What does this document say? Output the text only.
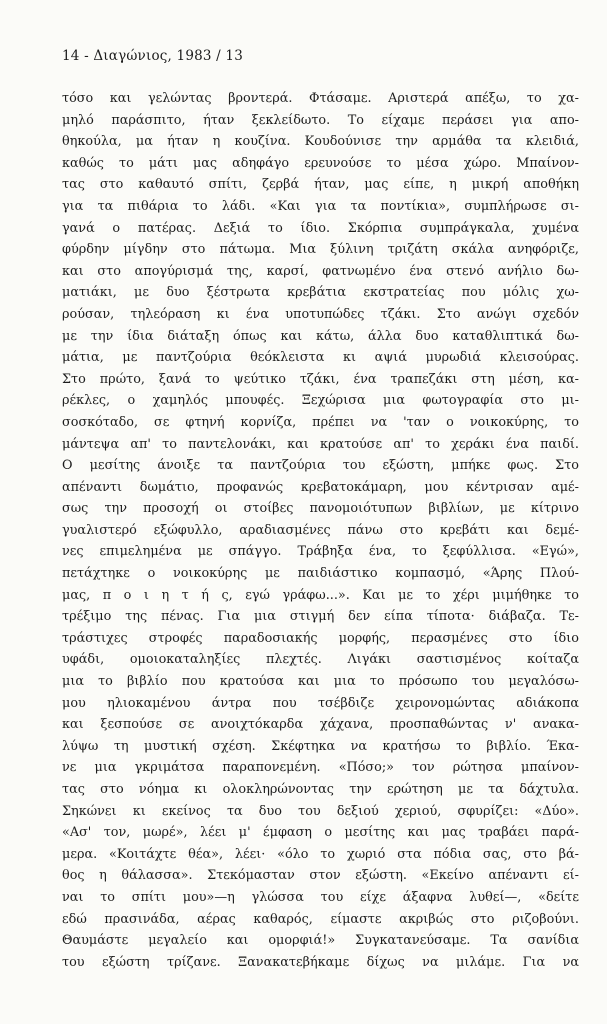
14 - Διαγώνιος, 1983 / 13
τόσο και γελώντας βροντερά. Φτάσαμε. Αριστερά απέξω, το χα-
μηλό παράσπιτο, ήταν ξεκλείδωτο. Το είχαμε περάσει για απο-
θηκούλα, μα ήταν η κουζίνα. Κουδούνισε την αρμάθα τα κλειδιά,
καθώς το μάτι μας αδηφάγο ερευνούσε το μέσα χώρο. Μπαίνον-
τας στο καθαυτό σπίτι, ζερβά ήταν, μας είπε, η μικρή αποθήκη
για τα πιθάρια το λάδι. «Και για τα ποντίκια», συμπλήρωσε σι-
γανά ο πατέρας. Δεξιά το ίδιο. Σκόρπια συμπράγκαλα, χυμένα
φύρδην μίγδην στο πάτωμα. Μια ξύλινη τριζάτη σκάλα ανηφόριζε,
και στο απογύρισμά της, καρσί, φατνωμένο ένα στενό ανήλιο δω-
ματιάκι, με δυο ξέστρωτα κρεβάτια εκστρατείας που μόλις χω-
ρούσαν, τηλεόραση κι ένα υποτυπώδες τζάκι. Στο ανώγι σχεδόν
με την ίδια διάταξη όπως και κάτω, άλλα δυο καταθλιπτικά δω-
μάτια, με παντζούρια θεόκλειστα κι αψιά μυρωδιά κλεισούρας.
Στο πρώτο, ξανά το ψεύτικο τζάκι, ένα τραπεζάκι στη μέση, κα-
ρέκλες, ο χαμηλός μπουφές. Ξεχώρισα μια φωτογραφία στο μι-
σοσκόταδο, σε φτηνή κορνίζα, πρέπει να 'ταν ο νοικοκύρης, το
μάντεψα απ' το παντελονάκι, και κρατούσε απ' το χεράκι ένα παιδί.
Ο μεσίτης άνοιξε τα παντζούρια του εξώστη, μπήκε φως. Στο
απέναντι δωμάτιο, προφανώς κρεβατοκάμαρη, μου κέντρισαν αμέ-
σως την προσοχή οι στοίβες πανομοιότυπων βιβλίων, με κίτρινο
γυαλιστερό εξώφυλλο, αραδιασμένες πάνω στο κρεβάτι και δεμέ-
νες επιμελημένα με σπάγγο. Τράβηξα ένα, το ξεφύλλισα. «Εγώ»,
πετάχτηκε ο νοικοκύρης με παιδιάστικο κομπασμό, «Άρης Πλού-
μας, π ο ι η τ ή ς, εγώ γράφω...». Και με το χέρι μιμήθηκε το
τρέξιμο της πένας. Για μια στιγμή δεν είπα τίποτα· διάβαζα. Τε-
τράστιχες στροφές παραδοσιακής μορφής, περασμένες στο ίδιο
υφάδι, ομοιοκαταληξίες πλεχτές. Λιγάκι σαστισμένος κοίταζα
μια το βιβλίο που κρατούσα και μια το πρόσωπο του μεγαλόσω-
μου ηλιοκαμένου άντρα που τσέβδιζε χειρονομώντας αδιάκοπα
και ξεσπούσε σε ανοιχτόκαρδα χάχανα, προσπαθώντας ν' ανακα-
λύψω τη μυστική σχέση. Σκέφτηκα να κρατήσω το βιβλίο. Έκα-
νε μια γκριμάτσα παραπονεμένη. «Πόσο;» τον ρώτησα μπαίνον-
τας στο νόημα κι ολοκληρώνοντας την ερώτηση με τα δάχτυλα.
Σηκώνει κι εκείνος τα δυο του δεξιού χεριού, σφυρίζει: «Δύο».
«Ασ' τον, μωρέ», λέει μ' έμφαση ο μεσίτης και μας τραβάει παρά-
μερα. «Κοιτάχτε θέα», λέει· «όλο το χωριό στα πόδια σας, στο βά-
θος η θάλασσα». Στεκόμασταν στον εξώστη. «Εκείνο απέναντι εί-
ναι το σπίτι μου»—η γλώσσα του είχε άξαφνα λυθεί—, «δείτε
εδώ πρασινάδα, αέρας καθαρός, είμαστε ακριβώς στο ριζοβούνι.
Θαυμάστε μεγαλείο και ομορφιά!» Συγκατανεύσαμε. Τα σανίδια
του εξώστη τρίζανε. Ξανακατεβήκαμε δίχως να μιλάμε. Για να
